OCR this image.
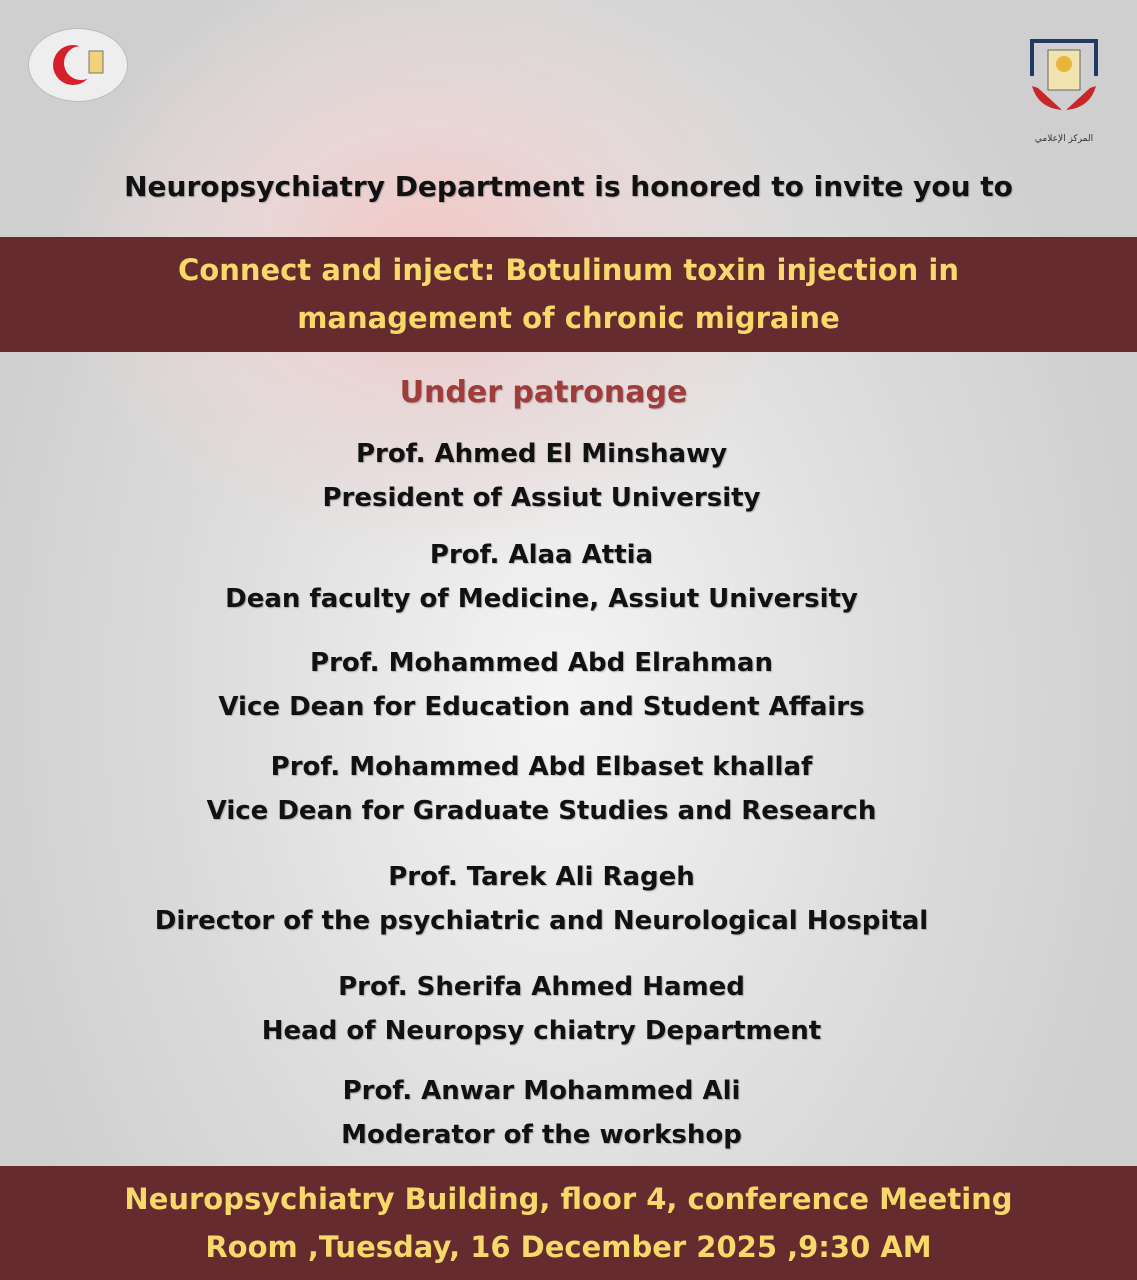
المركز الإعلامي
Neuropsychiatry Department is honored to invite you to
Connect and inject: Botulinum toxin injection in
management of chronic migraine
Under patronage
Prof. Ahmed El Minshawy
President of Assiut University
Prof. Alaa Attia
Dean faculty of Medicine, Assiut University
Prof. Mohammed Abd Elrahman
Vice Dean for Education and Student Affairs
Prof. Mohammed Abd Elbaset khallaf
Vice Dean for Graduate Studies and Research
Prof. Tarek Ali Rageh
Director of the psychiatric and Neurological Hospital
Prof. Sherifa Ahmed Hamed
Head of Neuropsy chiatry Department
Prof. Anwar Mohammed Ali
Moderator of the workshop
Neuropsychiatry Building, floor 4, conference Meeting
Room ,Tuesday, 16 December 2025 ,9:30 AM
